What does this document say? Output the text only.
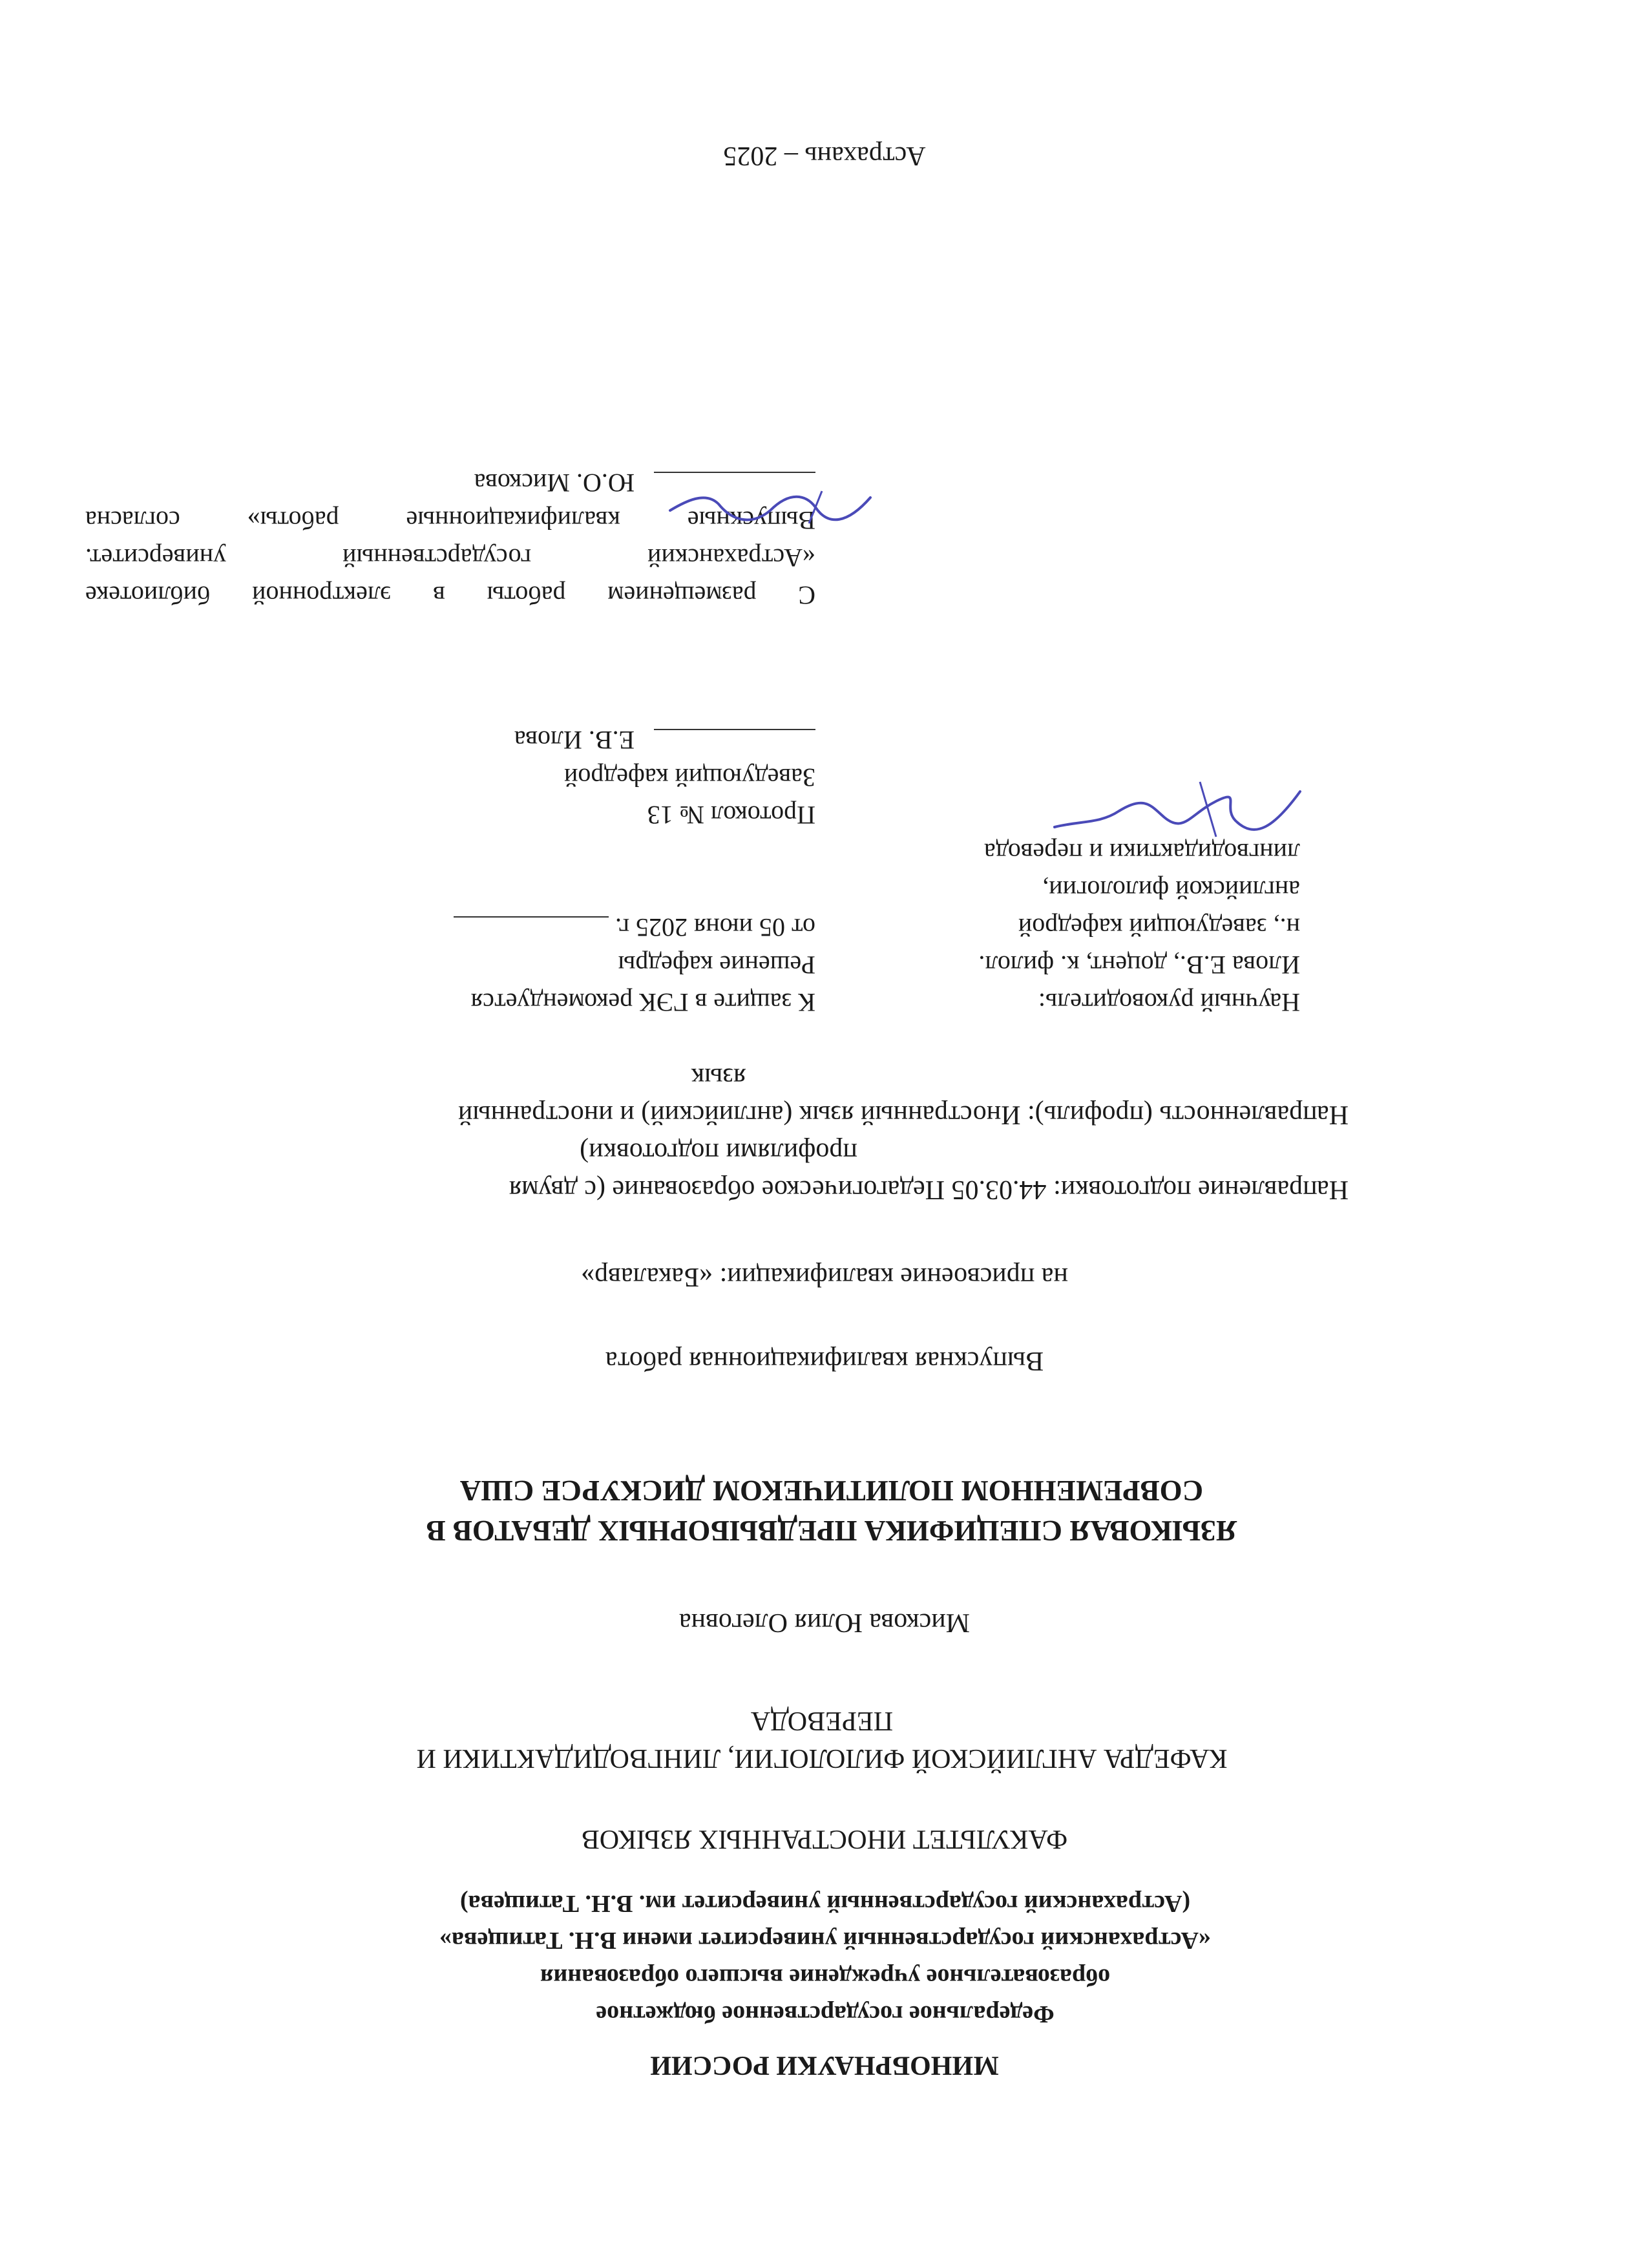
МИНОБРНАУКИ РОССИИ
Федеральное государственное бюджетное
образовательное учреждение высшего образования
«Астраханский государственный университет имени В.Н. Татищева»
(Астраханский государственный университет им. В.Н. Татищева)
ФАКУЛЬТЕТ ИНОСТРАННЫХ ЯЗЫКОВ
КАФЕДРА АНГЛИЙСКОЙ ФИЛОЛОГИИ, ЛИНГВОДИДАКТИКИ И
ПЕРЕВОДА
Мискова Юлия Олеговна
ЯЗЫКОВАЯ СПЕЦИФИКА ПРЕДВЫБОРНЫХ ДЕБАТОВ В
СОВРЕМЕННОМ ПОЛИТИЧЕКОМ ДИСКУРСЕ США
Выпускная квалификационная работа
на присвоение квалификации: «Бакалавр»
Направление подготовки: 44.03.05 Педагогическое образование (с двумя
профилями подготовки)
Направленность (профиль): Иностранный язык (английский) и иностранный
язык
Научный руководитель:
Илова Е.В., доцент, к. филол.
н., заведующий кафедрой
английской филологии,
лингводидактики и перевода
К защите в ГЭК рекомендуется
Решение кафедры
от 05 июня 2025 г.
Протокол № 13
Заведующий кафедрой
Е.В. Илова
С размещением работы в электронной библиотеке
«Астраханский государственный университет.
Выпускные квалификационные работы» согласна
Ю.О. Мискова
Астрахань – 2025
